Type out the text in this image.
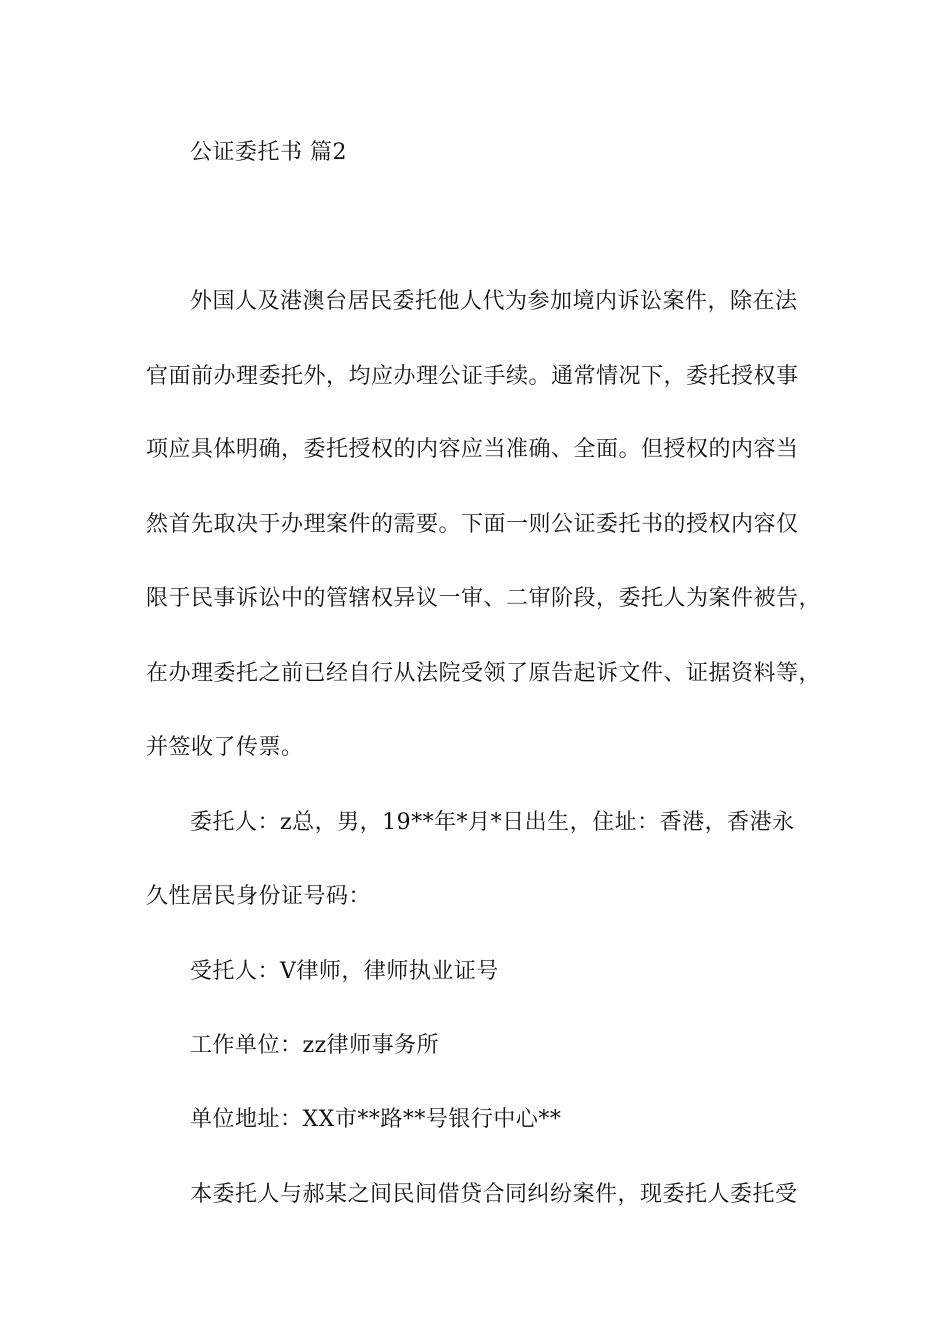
公证委托书 篇2
外国人及港澳台居民委托他人代为参加境内诉讼案件，除在法
官面前办理委托外，均应办理公证手续。通常情况下，委托授权事
项应具体明确，委托授权的内容应当准确、全面。但授权的内容当
然首先取决于办理案件的需要。下面一则公证委托书的授权内容仅
限于民事诉讼中的管辖权异议一审、二审阶段，委托人为案件被告，
在办理委托之前已经自行从法院受领了原告起诉文件、证据资料等，
并签收了传票。
委托人：z总，男，19**年*月*日出生，住址：香港，香港永
久性居民身份证号码：
受托人：V律师，律师执业证号
工作单位：zz律师事务所
单位地址：XX市**路**号银行中心**
本委托人与郝某之间民间借贷合同纠纷案件，现委托人委托受
